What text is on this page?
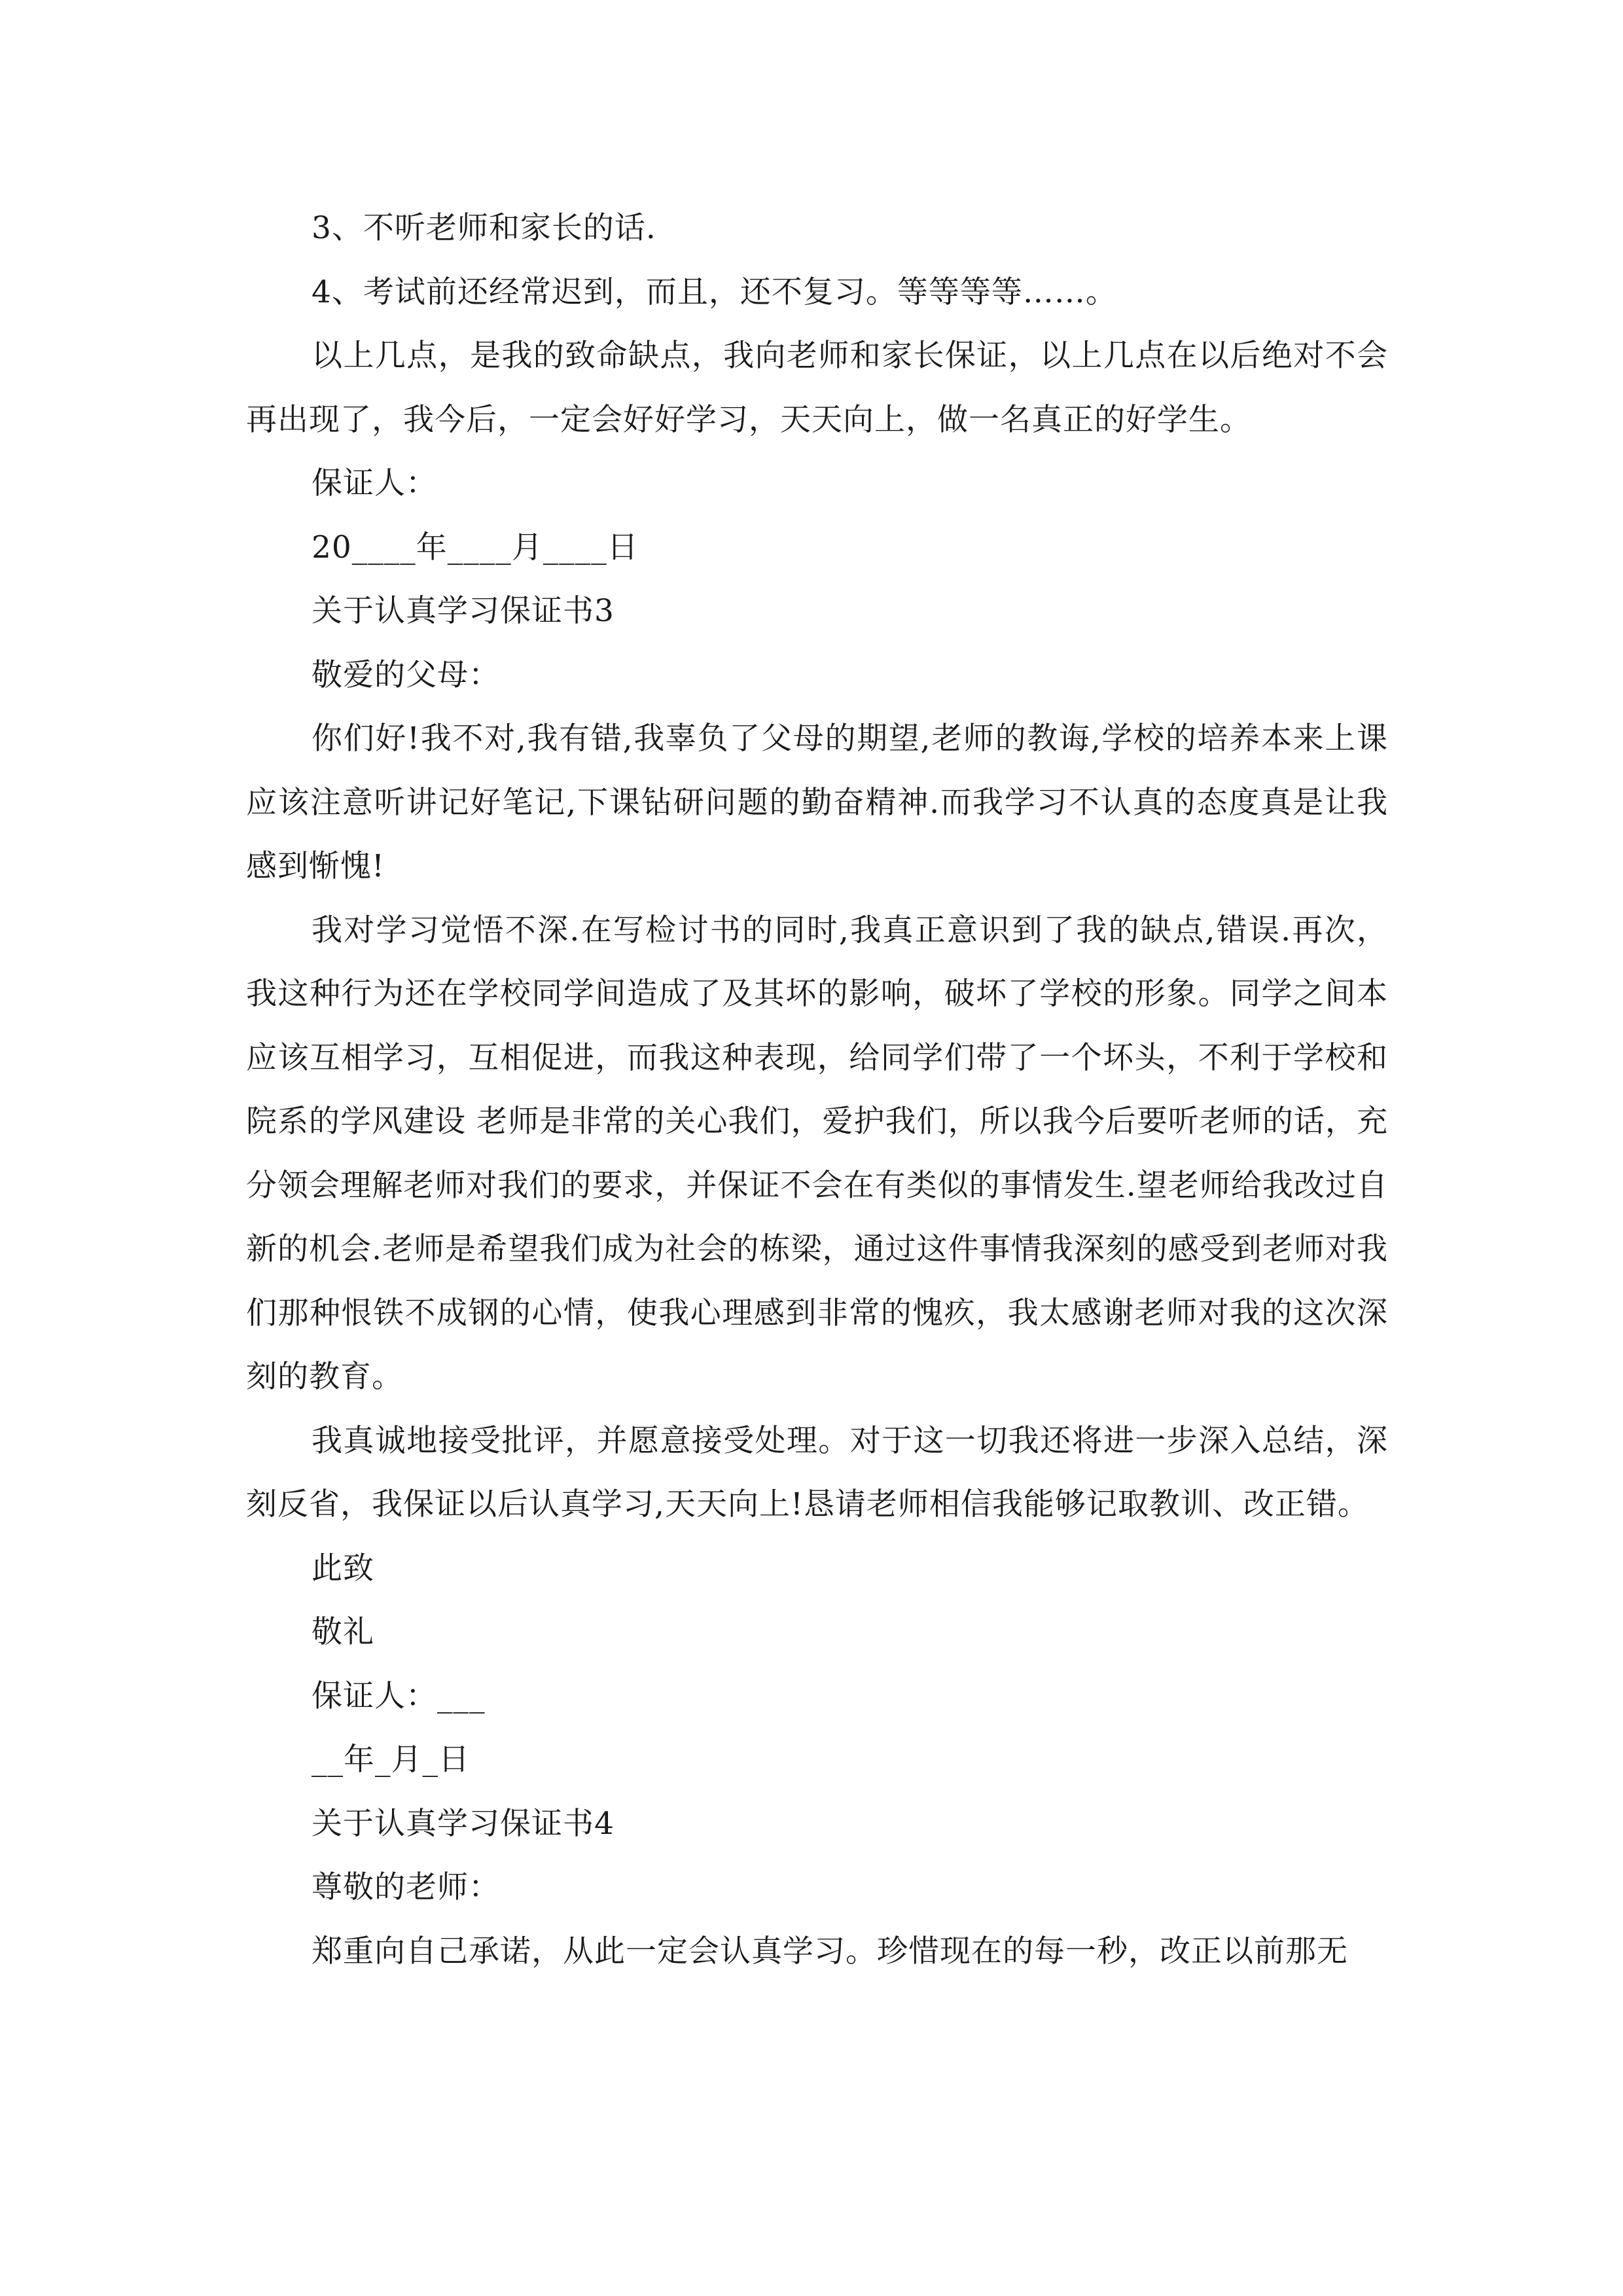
3、不听老师和家长的话.

4、考试前还经常迟到，而且，还不复习。等等等等……。

以上几点，是我的致命缺点，我向老师和家长保证，以上几点在以后绝对不会再出现了，我今后，一定会好好学习，天天向上，做一名真正的好学生。

保证人：

20____年____月____日

关于认真学习保证书3

敬爱的父母：

你们好!我不对,我有错,我辜负了父母的期望,老师的教诲,学校的培养本来上课应该注意听讲记好笔记,下课钻研问题的勤奋精神.而我学习不认真的态度真是让我感到惭愧!

我对学习觉悟不深.在写检讨书的同时,我真正意识到了我的缺点,错误.再次，我这种行为还在学校同学间造成了及其坏的影响，破坏了学校的形象。同学之间本应该互相学习，互相促进，而我这种表现，给同学们带了一个坏头，不利于学校和院系的学风建设 老师是非常的关心我们，爱护我们，所以我今后要听老师的话，充分领会理解老师对我们的要求，并保证不会在有类似的事情发生.望老师给我改过自新的机会.老师是希望我们成为社会的栋梁，通过这件事情我深刻的感受到老师对我们那种恨铁不成钢的心情，使我心理感到非常的愧疚，我太感谢老师对我的这次深刻的教育。

我真诚地接受批评，并愿意接受处理。对于这一切我还将进一步深入总结，深刻反省，我保证以后认真学习,天天向上!恳请老师相信我能够记取教训、改正错。

此致

敬礼

保证人：___

__年_月_日

关于认真学习保证书4

尊敬的老师：

郑重向自己承诺，从此一定会认真学习。珍惜现在的每一秒，改正以前那无
